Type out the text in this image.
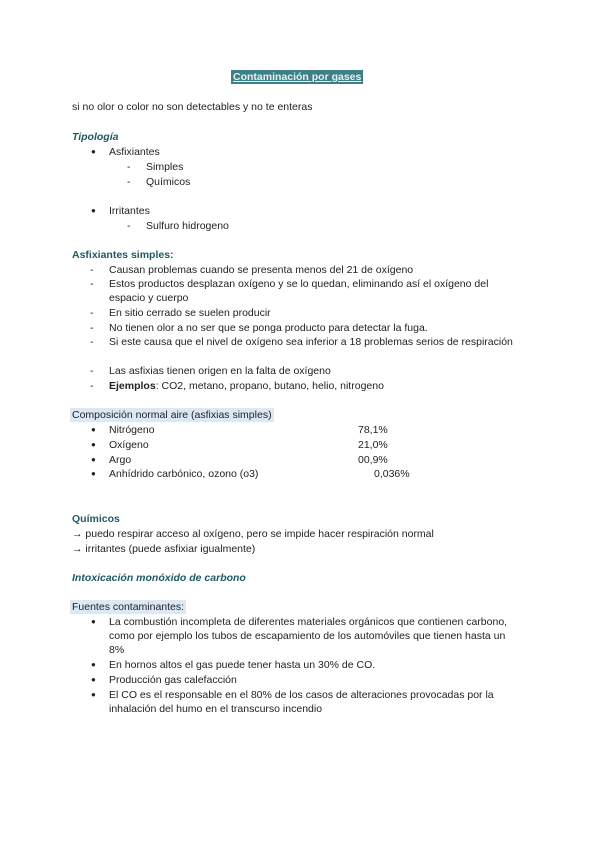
Contaminación por gases
si no olor o color no son detectables y no te enteras
Tipología
● Asfixiantes
- Simples
- Químicos
● Irritantes
- Sulfuro hidrogeno
Asfixiantes simples:
- Causan problemas cuando se presenta menos del 21 de oxígeno
- Estos productos desplazan oxígeno y se lo quedan, eliminando así el oxígeno del espacio y cuerpo
- En sitio cerrado se suelen producir
- No tienen olor a no ser que se ponga producto para detectar la fuga.
- Si este causa que el nivel de oxígeno sea inferior a 18 problemas serios de respiración
- Las asfixias tienen origen en la falta de oxígeno
- Ejemplos: CO2, metano, propano, butano, helio, nitrogeno
Composición normal aire (asfixias simples)
● Nitrógeno	78,1%
● Oxígeno	21,0%
● Argo	00,9%
● Anhídrido carbónico, ozono (o3)	0,036%
Químicos
→ puedo respirar acceso al oxígeno, pero se impide hacer respiración normal
→ irritantes (puede asfixiar igualmente)
Intoxicación monóxido de carbono
Fuentes contaminantes:
● La combustión incompleta de diferentes materiales orgánicos que contienen carbono, como por ejemplo los tubos de escapamiento de los automóviles que tienen hasta un 8%
● En hornos altos el gas puede tener hasta un 30% de CO.
● Producción gas calefacción
● El CO es el responsable en el 80% de los casos de alteraciones provocadas por la inhalación del humo en el transcurso incendio
